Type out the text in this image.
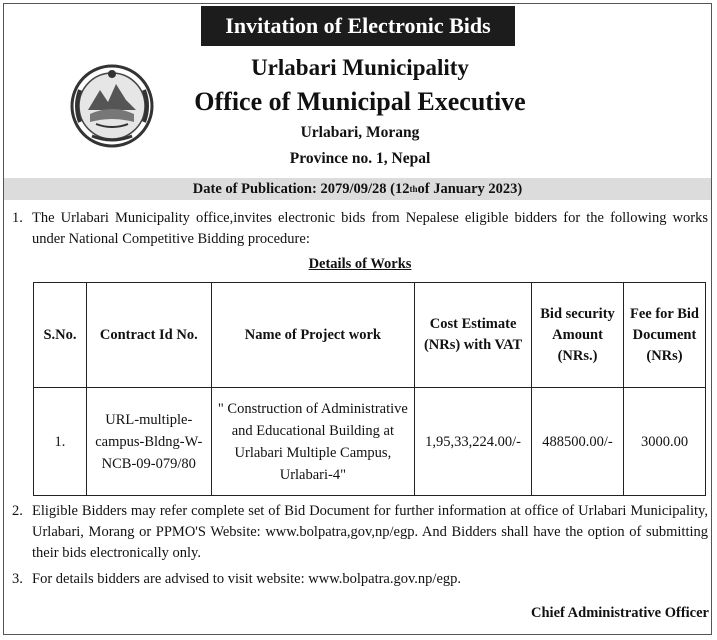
Invitation of Electronic Bids
Urlabari Municipality
Office of Municipal Executive
Urlabari, Morang
Province no. 1, Nepal
Date of Publication: 2079/09/28 (12 th of January 2023)
1. The Urlabari Municipality office,invites electronic bids from Nepalese eligible bidders for the following works under National Competitive Bidding procedure:
Details of Works
S.No.	Contract Id No.	Name of Project work	Cost Estimate (NRs) with VAT	Bid security Amount (NRs.)	Fee for Bid Document (NRs)
1.	URL-multiple-campus-Bldng-W-NCB-09-079/80	" Construction of Administrative and Educational Building at Urlabari Multiple Campus, Urlabari-4"	1,95,33,224.00/-	488500.00/-	3000.00
2. Eligible Bidders may refer complete set of Bid Document for further information at office of Urlabari Municipality, Urlabari, Morang or PPMO'S Website: www.bolpatra,gov,np/egp. And Bidders shall have the option of submitting their bids electronically only.
3. For details bidders are advised to visit website: www.bolpatra.gov.np/egp.
Chief Administrative Officer
